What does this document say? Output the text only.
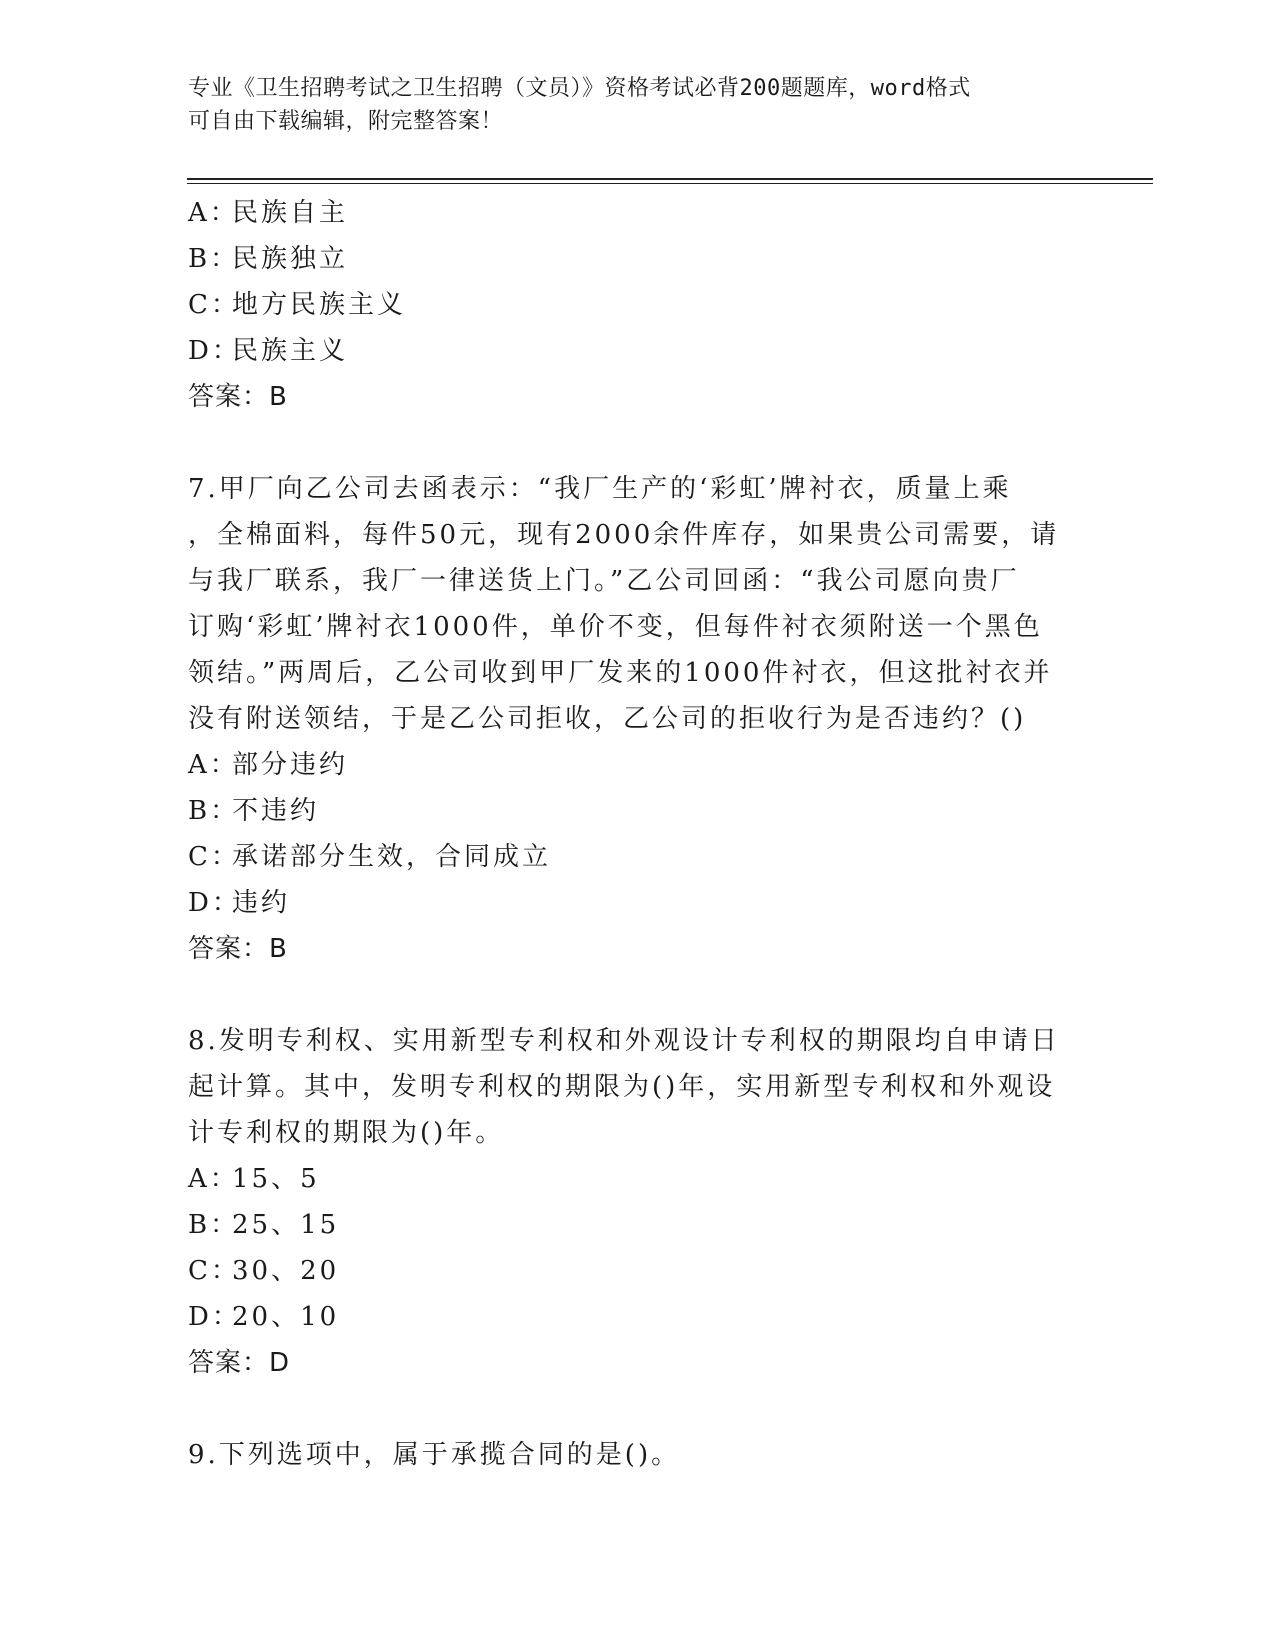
专业《卫生招聘考试之卫生招聘（文员）》资格考试必背200题题库，word格式
可自由下载编辑，附完整答案！
A：民族自主
B：民族独立
C：地方民族主义
D：民族主义
答案：B
7.甲厂向乙公司去函表示：“我厂生产的‘彩虹’牌衬衣，质量上乘
，全棉面料，每件50元，现有2000余件库存，如果贵公司需要，请
与我厂联系，我厂一律送货上门。”乙公司回函：“我公司愿向贵厂
订购‘彩虹’牌衬衣1000件，单价不变，但每件衬衣须附送一个黑色
领结。”两周后，乙公司收到甲厂发来的1000件衬衣，但这批衬衣并
没有附送领结，于是乙公司拒收，乙公司的拒收行为是否违约？()
A：部分违约
B：不违约
C：承诺部分生效，合同成立
D：违约
答案：B
8.发明专利权、实用新型专利权和外观设计专利权的期限均自申请日
起计算。其中，发明专利权的期限为()年，实用新型专利权和外观设
计专利权的期限为()年。
A：15、5
B：25、15
C：30、20
D：20、10
答案：D
9.下列选项中，属于承揽合同的是()。
